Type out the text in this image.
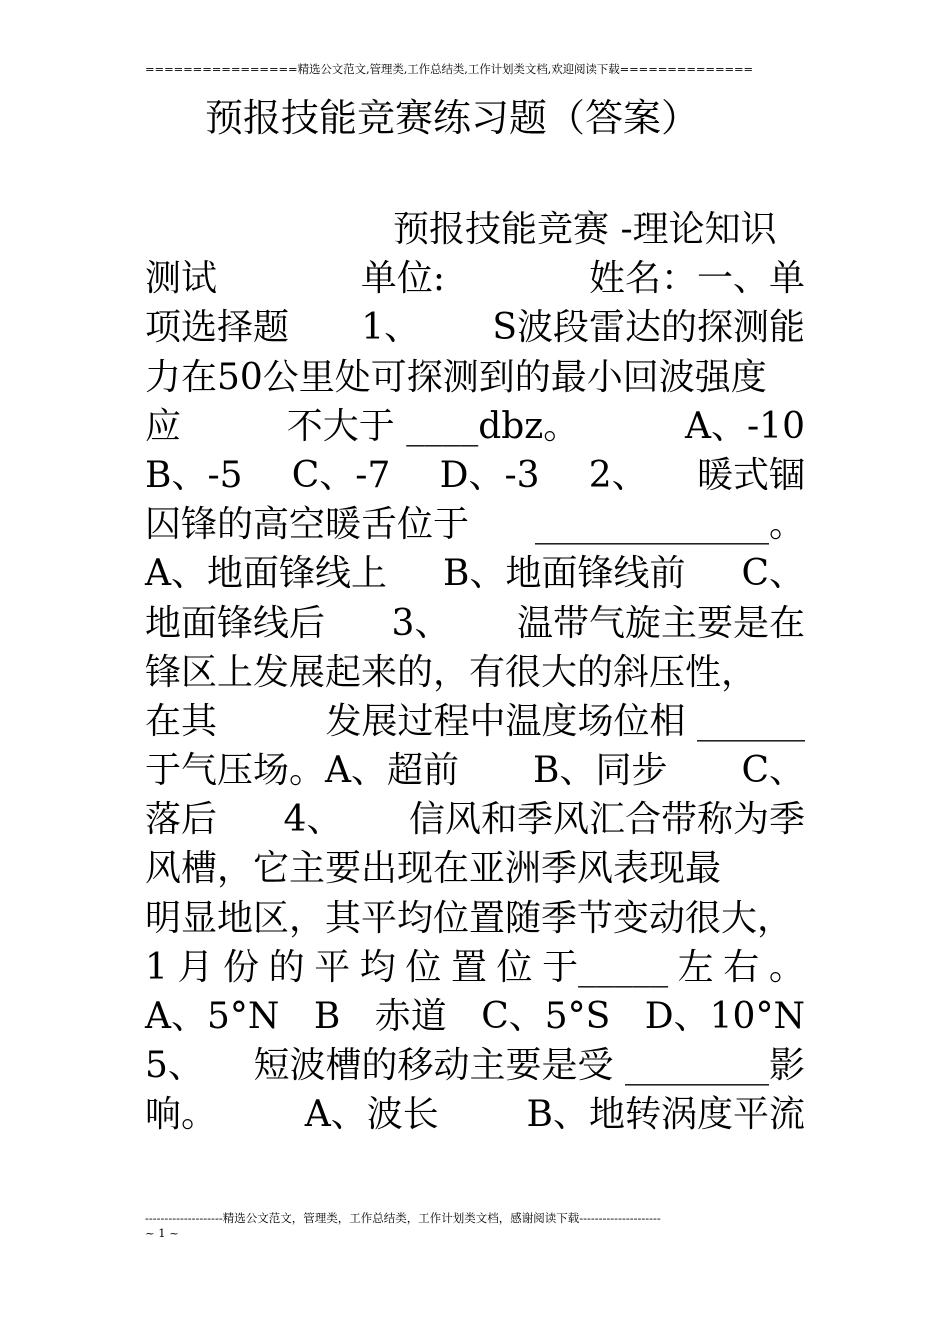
================精选公文范文,管理类,工作总结类,工作计划类文档,欢迎阅读下载==============
预报技能竞赛练习题（答案）
预报技能竞赛 -理论知识
测试	单位:	姓名：一、单
项选择题 1、 S波段雷达的探测能
力在50公里处可探测到的最小回波强度
应	不大于 ____dbz。	A、-10
B、-5 C、-7 D、-3 2、 暖式锢
囚锋的高空暖舌位于 _____________。
A、地面锋线上 B、地面锋线前 C、
地面锋线后 3、 温带气旋主要是在
锋区上发展起来的，有很大的斜压性，
在其	发展过程中温度场位相 ______
于气压场。A、超前 B、同步 C、
落后 4、 信风和季风汇合带称为季
风槽，它主要出现在亚洲季风表现最
明显地区，其平均位置随季节变动很大，
1 月 份 的 平 均 位 置 位 于_____ 左 右 。
A、5°N B 赤道 C、5°S D、10°N
5、 短波槽的移动主要是受 ________影
响。 A、波长 B、地转涡度平流
--------------------精选公文范文，管理类，工作总结类，工作计划类文档，感谢阅读下载---------------------
~ 1 ~
